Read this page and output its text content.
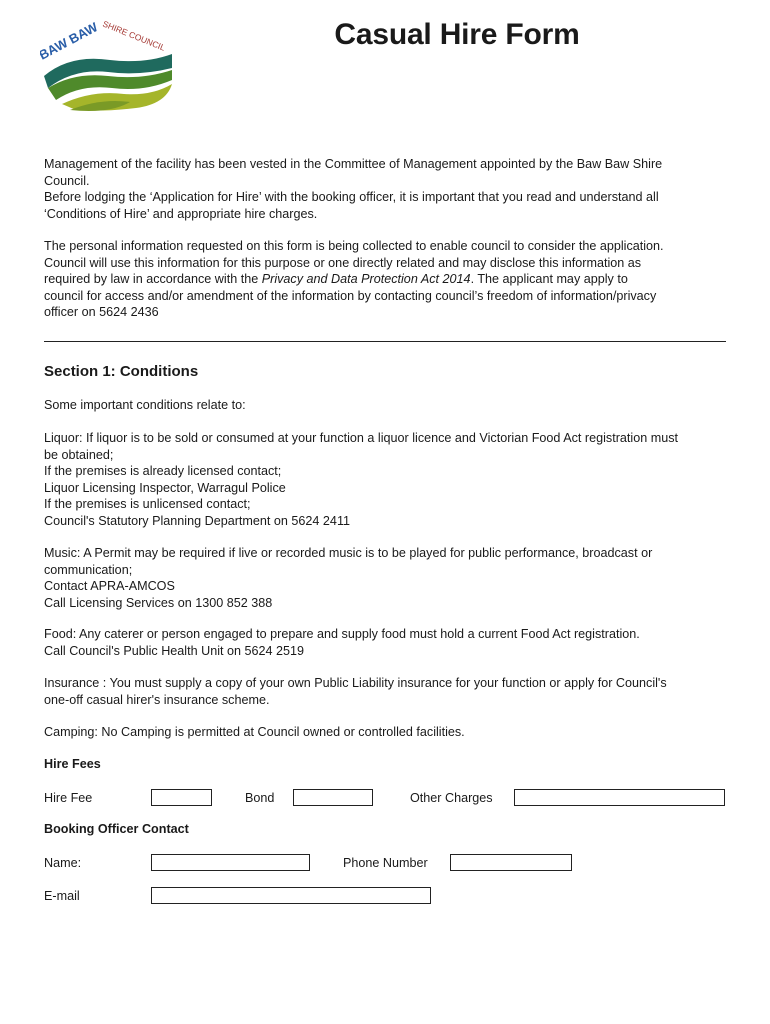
BAW BAW SHIRE COUNCIL	Casual Hire Form
Management of the facility has been vested in the Committee of Management appointed by the Baw Baw Shire
Council.
Before lodging the ‘Application for Hire’ with the booking officer, it is important that you read and understand all
‘Conditions of Hire’ and appropriate hire charges.
The personal information requested on this form is being collected to enable council to consider the application.
Council will use this information for this purpose or one directly related and may disclose this information as
required by law in accordance with the Privacy and Data Protection Act 2014. The applicant may apply to
council for access and/or amendment of the information by contacting council’s freedom of information/privacy
officer on 5624 2436
Section 1: Conditions
Some important conditions relate to:
Liquor: If liquor is to be sold or consumed at your function a liquor licence and Victorian Food Act registration must
be obtained;
If the premises is already licensed contact;
Liquor Licensing Inspector, Warragul Police
If the premises is unlicensed contact;
Council's Statutory Planning Department on 5624 2411
Music: A Permit may be required if live or recorded music is to be played for public performance, broadcast or
communication;
Contact APRA-AMCOS
Call Licensing Services on 1300 852 388
Food: Any caterer or person engaged to prepare and supply food must hold a current Food Act registration.
Call Council's Public Health Unit on 5624 2519
Insurance : You must supply a copy of your own Public Liability insurance for your function or apply for Council's
one-off casual hirer's insurance scheme.
Camping: No Camping is permitted at Council owned or controlled facilities.
Hire Fees
Hire Fee	Bond	Other Charges
Booking Officer Contact
Name:	Phone Number
E-mail
